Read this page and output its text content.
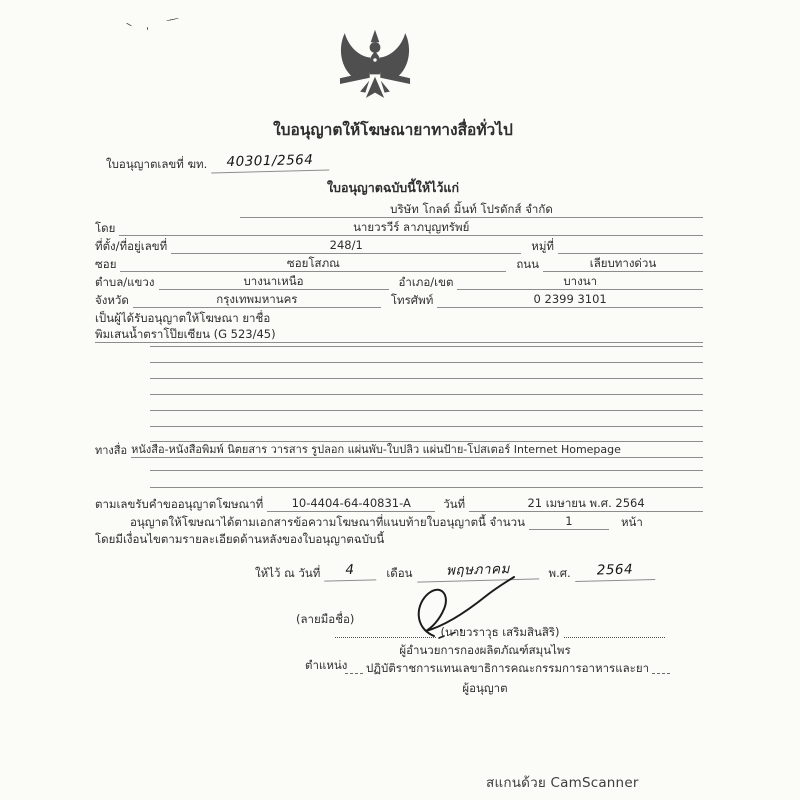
ใบอนุญาตให้โฆษณายาทางสื่อทั่วไป
ใบอนุญาตเลขที่ ฆท.	40301/2564
ใบอนุญาตฉบับนี้ให้ไว้แก่
บริษัท โกลด์ มิ้นท์ โปรดักส์ จำกัด
โดย	นายวรวีร์ ลาภบุญทรัพย์
ที่ตั้ง/ที่อยู่เลขที่	248/1	หมู่ที่
ซอย	ซอยโสภณ	ถนน	เลียบทางด่วน
ตำบล/แขวง	บางนาเหนือ	อำเภอ/เขต	บางนา
จังหวัด	กรุงเทพมหานคร	โทรศัพท์	0 2399 3101
เป็นผู้ได้รับอนุญาตให้โฆษณา ยาชื่อ
พิมเสนน้ำตราโป๊ยเซียน (G 523/45)
ทางสื่อ หนังสือ-หนังสือพิมพ์ นิตยสาร วารสาร รูปลอก แผ่นพับ-ใบปลิว แผ่นป้าย-โปสเตอร์ Internet Homepage
ตามเลขรับคำขออนุญาตโฆษณาที่	10-4404-64-40831-A	วันที่	21 เมษายน พ.ศ. 2564
อนุญาตให้โฆษณาได้ตามเอกสารข้อความโฆษณาที่แนบท้ายใบอนุญาตนี้ จำนวน	1	หน้า
โดยมีเงื่อนไขตามรายละเอียดด้านหลังของใบอนุญาตฉบับนี้
ให้ไว้ ณ วันที่	4	เดือน	พฤษภาคม	พ.ศ.	2564
(ลายมือชื่อ)
(นายวราวุธ เสริมสินสิริ)
ผู้อำนวยการกองผลิตภัณฑ์สมุนไพร
ตำแหน่ง	ปฏิบัติราชการแทนเลขาธิการคณะกรรมการอาหารและยา
ผู้อนุญาต
สแกนด้วย CamScanner
